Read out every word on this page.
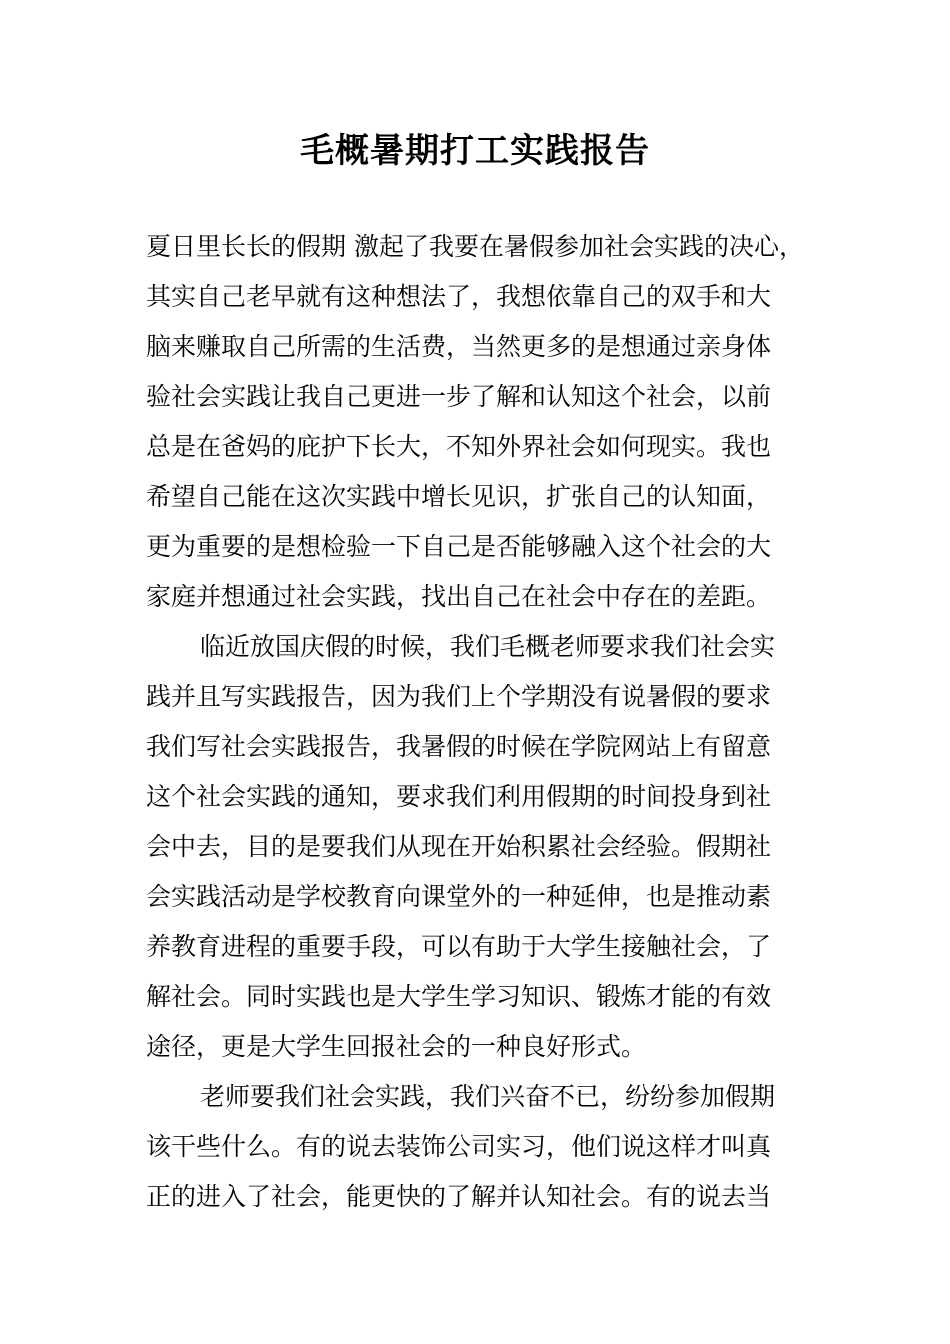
毛概暑期打工实践报告
夏日里长长的假期 激起了我要在暑假参加社会实践的决心，
其实自己老早就有这种想法了，我想依靠自己的双手和大
脑来赚取自己所需的生活费，当然更多的是想通过亲身体
验社会实践让我自己更进一步了解和认知这个社会，以前
总是在爸妈的庇护下长大，不知外界社会如何现实。我也
希望自己能在这次实践中增长见识，扩张自己的认知面，
更为重要的是想检验一下自己是否能够融入这个社会的大
家庭并想通过社会实践，找出自己在社会中存在的差距。
临近放国庆假的时候，我们毛概老师要求我们社会实
践并且写实践报告，因为我们上个学期没有说暑假的要求
我们写社会实践报告，我暑假的时候在学院网站上有留意
这个社会实践的通知，要求我们利用假期的时间投身到社
会中去，目的是要我们从现在开始积累社会经验。假期社
会实践活动是学校教育向课堂外的一种延伸，也是推动素
养教育进程的重要手段，可以有助于大学生接触社会，了
解社会。同时实践也是大学生学习知识、锻炼才能的有效
途径，更是大学生回报社会的一种良好形式。
老师要我们社会实践，我们兴奋不已，纷纷参加假期
该干些什么。有的说去装饰公司实习，他们说这样才叫真
正的进入了社会，能更快的了解并认知社会。有的说去当
